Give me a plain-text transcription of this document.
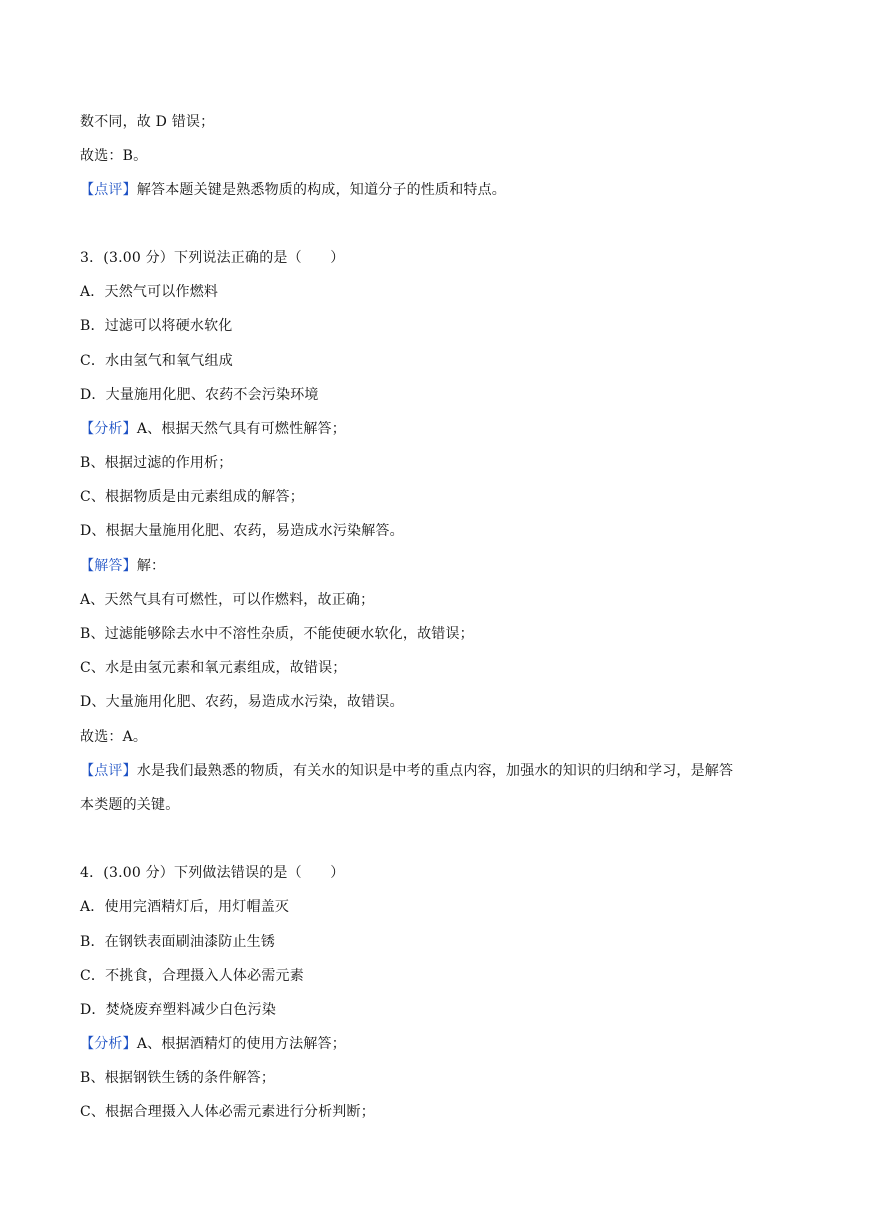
数不同，故 D 错误；
故选：B。
【点评】解答本题关键是熟悉物质的构成，知道分子的性质和特点。
3．(3.00 分）下列说法正确的是（　　）
A．天然气可以作燃料
B．过滤可以将硬水软化
C．水由氢气和氧气组成
D．大量施用化肥、农药不会污染环境
【分析】A、根据天然气具有可燃性解答；
B、根据过滤的作用析；
C、根据物质是由元素组成的解答；
D、根据大量施用化肥、农药，易造成水污染解答。
【解答】解：
A、天然气具有可燃性，可以作燃料，故正确；
B、过滤能够除去水中不溶性杂质，不能使硬水软化，故错误；
C、水是由氢元素和氧元素组成，故错误；
D、大量施用化肥、农药，易造成水污染，故错误。
故选：A。
【点评】水是我们最熟悉的物质，有关水的知识是中考的重点内容，加强水的知识的归纳和学习，是解答
本类题的关键。
4．(3.00 分）下列做法错误的是（　　）
A．使用完酒精灯后，用灯帽盖灭
B．在钢铁表面刷油漆防止生锈
C．不挑食，合理摄入人体必需元素
D．焚烧废弃塑料减少白色污染
【分析】A、根据酒精灯的使用方法解答；
B、根据钢铁生锈的条件解答；
C、根据合理摄入人体必需元素进行分析判断；
